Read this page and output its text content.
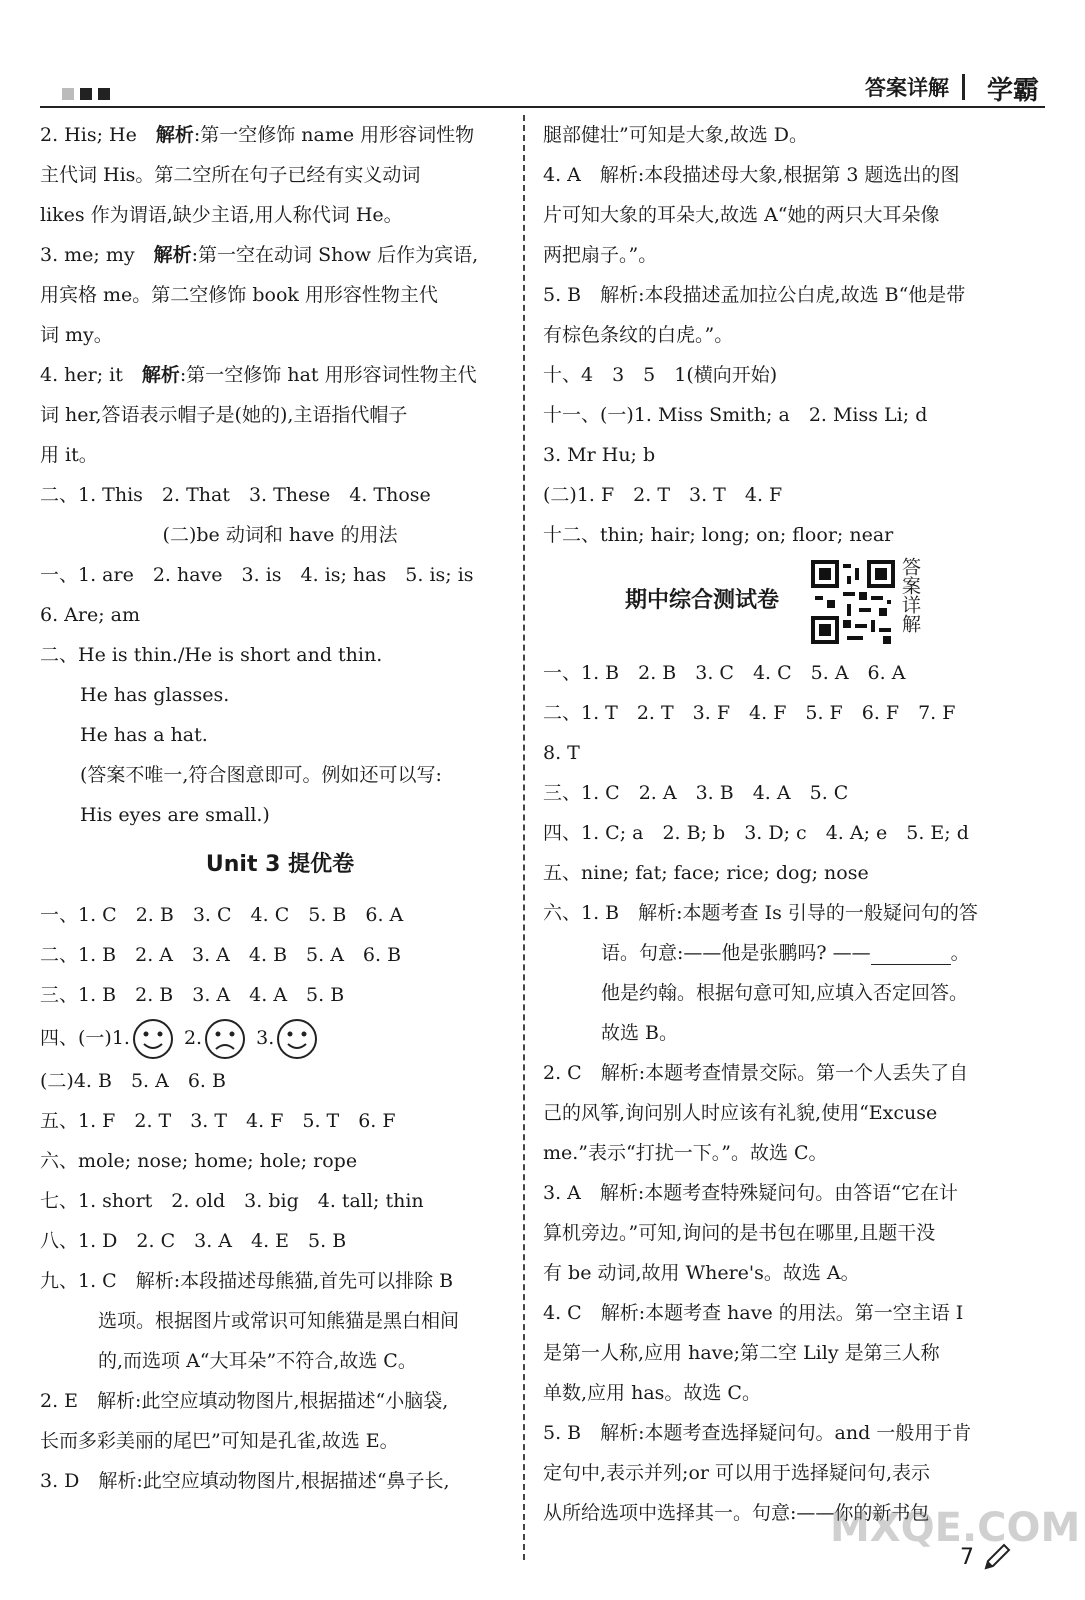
答案详解 学霸
2. His; He　解析:第一空修饰 name 用形容词性物
主代词 His。第二空所在句子已经有实义动词
likes 作为谓语,缺少主语,用人称代词 He。
3. me; my　解析:第一空在动词 Show 后作为宾语,
用宾格 me。第二空修饰 book 用形容性物主代
词 my。
4. her; it　解析:第一空修饰 hat 用形容词性物主代
词 her,答语表示帽子是(她的),主语指代帽子
用 it。
二、1. This　2. That　3. These　4. Those
(二)be 动词和 have 的用法
一、1. are　2. have　3. is　4. is; has　5. is; is
6. Are; am
二、He is thin./He is short and thin.
He has glasses.
He has a hat.
(答案不唯一,符合图意即可。例如还可以写:
His eyes are small.)
Unit 3 提优卷
一、1. C　2. B　3. C　4. C　5. B　6. A
二、1. B　2. A　3. A　4. B　5. A　6. B
三、1. B　2. B　3. A　4. A　5. B
四、(一)1.	2.	3.
(二)4. B　5. A　6. B
五、1. F　2. T　3. T　4. F　5. T　6. F
六、mole; nose; home; hole; rope
七、1. short　2. old　3. big　4. tall; thin
八、1. D　2. C　3. A　4. E　5. B
九、1. C　解析:本段描述母熊猫,首先可以排除 B
选项。根据图片或常识可知熊猫是黑白相间
的,而选项 A“大耳朵”不符合,故选 C。
2. E　解析:此空应填动物图片,根据描述“小脑袋,
长而多彩美丽的尾巴”可知是孔雀,故选 E。
3. D　解析:此空应填动物图片,根据描述“鼻子长,
腿部健壮”可知是大象,故选 D。
4. A　解析:本段描述母大象,根据第 3 题选出的图
片可知大象的耳朵大,故选 A“她的两只大耳朵像
两把扇子。”。
5. B　解析:本段描述孟加拉公白虎,故选 B“他是带
有棕色条纹的白虎。”。
十、4　3　5　1(横向开始)
十一、(一)1. Miss Smith; a　2. Miss Li; d
3. Mr Hu; b
(二)1. F　2. T　3. T　4. F
十二、thin; hair; long; on; floor; near
期中综合测试卷	答案详解
一、1. B　2. B　3. C　4. C　5. A　6. A
二、1. T　2. T　3. F　4. F　5. F　6. F　7. F
8. T
三、1. C　2. A　3. B　4. A　5. C
四、1. C; a　2. B; b　3. D; c　4. A; e　5. E; d
五、nine; fat; face; rice; dog; nose
六、1. B　解析:本题考查 Is 引导的一般疑问句的答
语。句意:——他是张鹏吗? ——	。
他是约翰。根据句意可知,应填入否定回答。
故选 B。
2. C　解析:本题考查情景交际。第一个人丢失了自
己的风筝,询问别人时应该有礼貌,使用“Excuse
me.”表示“打扰一下。”。故选 C。
3. A　解析:本题考查特殊疑问句。由答语“它在计
算机旁边。”可知,询问的是书包在哪里,且题干没
有 be 动词,故用 Where's。故选 A。
4. C　解析:本题考查 have 的用法。第一空主语 I
是第一人称,应用 have;第二空 Lily 是第三人称
单数,应用 has。故选 C。
5. B　解析:本题考查选择疑问句。and 一般用于肯
定句中,表示并列;or 可以用于选择疑问句,表示
从所给选项中选择其一。句意:——你的新书包
7
MXQE.COM
